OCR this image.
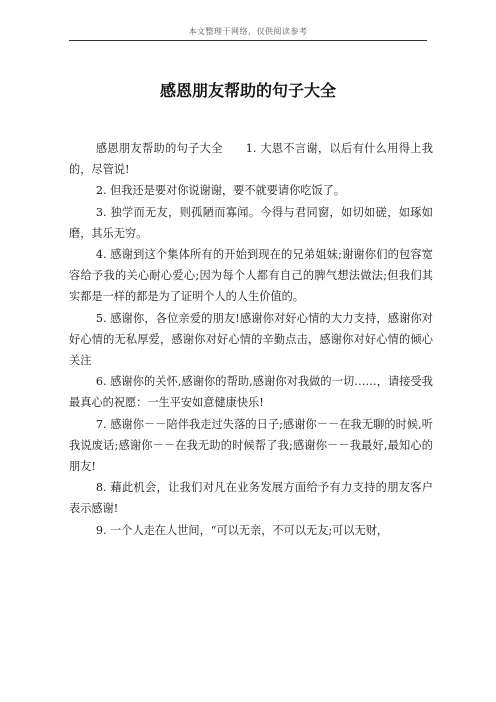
本文整理于网络，仅供阅读参考
感恩朋友帮助的句子大全

感恩朋友帮助的句子大全　　1. 大恩不言谢，以后有什么用得上我的，尽管说!

2. 但我还是要对你说谢谢，要不就要请你吃饭了。

3. 独学而无友，则孤陋而寡闻。今得与君同窗，如切如磋，如琢如磨，其乐无穷。

4. 感谢到这个集体所有的开始到现在的兄弟姐妹;谢谢你们的包容宽容给予我的关心耐心爱心;因为每个人都有自己的脾气想法做法;但我们其实都是一样的都是为了证明个人的人生价值的。

5. 感谢你，各位亲爱的朋友!感谢你对好心情的大力支持，感谢你对好心情的无私厚爱，感谢你对好心情的辛勤点击，感谢你对好心情的倾心关注

6. 感谢你的关怀,感谢你的帮助,感谢你对我做的一切……，请接受我最真心的祝愿：一生平安如意健康快乐!

7. 感谢你－－陪伴我走过失落的日子;感谢你－－在我无聊的时候,听我说废话;感谢你－－在我无助的时候帮了我;感谢你－－我最好,最知心的朋友!

8. 藉此机会，让我们对凡在业务发展方面给予有力支持的朋友客户表示感谢!

9. 一个人走在人世间，“可以无亲，不可以无友;可以无财，
